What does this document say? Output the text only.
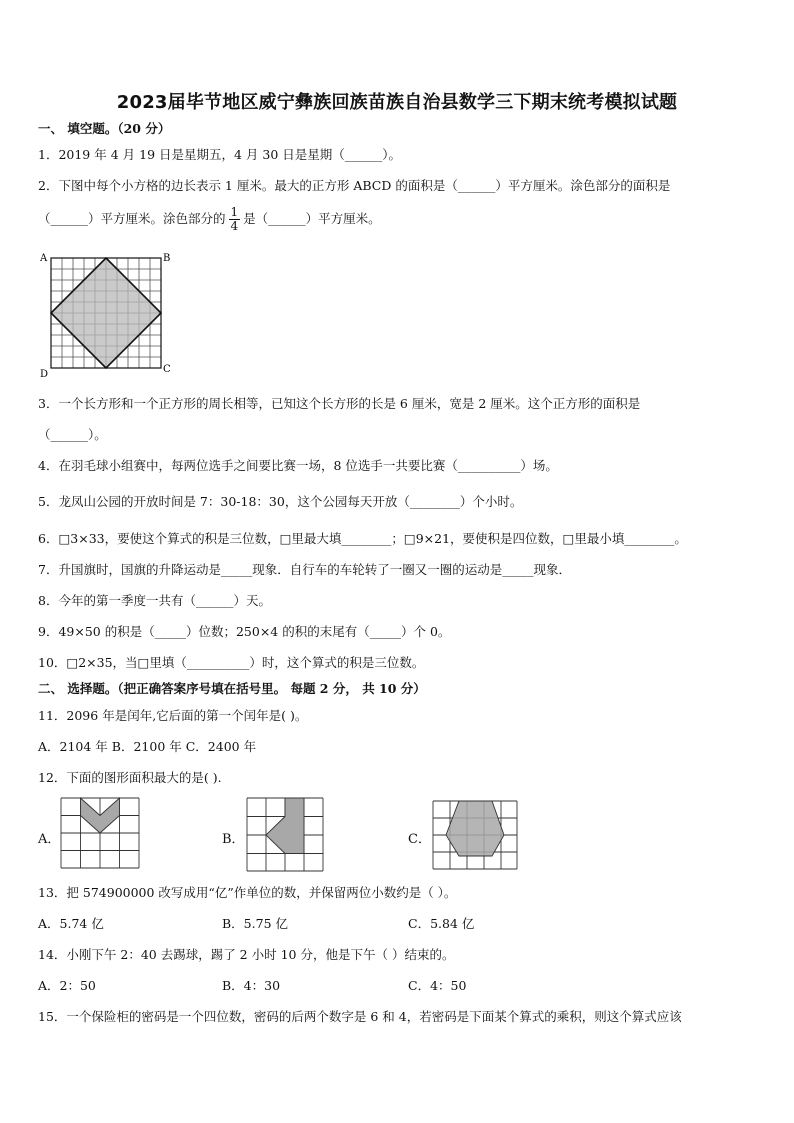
2023届毕节地区威宁彝族回族苗族自治县数学三下期末统考模拟试题
一、 填空题。（20 分）
1．2019 年 4 月 19 日是星期五，4 月 30 日是星期（______）。
2．下图中每个小方格的边长表示 1 厘米。最大的正方形 ABCD 的面积是（______）平方厘米。涂色部分的面积是
（______）平方厘米。涂色部分的 $\frac{1}{4}$ 是（______）平方厘米。
A	B
C
D
3．一个长方形和一个正方形的周长相等，已知这个长方形的长是 6 厘米，宽是 2 厘米。这个正方形的面积是
（______）。
4．在羽毛球小组赛中，每两位选手之间要比赛一场，8 位选手一共要比赛（__________）场。
5．龙凤山公园的开放时间是 7：30-18：30，这个公园每天开放（________）个小时。
6．□3×33，要使这个算式的积是三位数，□里最大填________；□9×21，要使积是四位数，□里最小填________。
7．升国旗时，国旗的升降运动是_____现象．自行车的车轮转了一圈又一圈的运动是_____现象．
8．今年的第一季度一共有（______）天。
9．49×50 的积是（_____）位数；250×4 的积的末尾有（_____）个 0。
10．□2×35，当□里填（__________）时，这个算式的积是三位数。
二、 选择题。（把正确答案序号填在括号里。 每题 2 分， 共 10 分）
11．2096 年是闰年,它后面的第一个闰年是( )。
A．2104 年 B．2100 年 C．2400 年
12．下面的图形面积最大的是( ).
A．	B．	C．
13．把 574900000 改写成用“亿”作单位的数，并保留两位小数约是（ ）。
A．5.74 亿	B．5.75 亿	C．5.84 亿
14．小刚下午 2：40 去踢球，踢了 2 小时 10 分，他是下午（ ）结束的。
A．2：50	B．4：30	C．4：50
15．一个保险柜的密码是一个四位数，密码的后两个数字是 6 和 4，若密码是下面某个算式的乘积，则这个算式应该
